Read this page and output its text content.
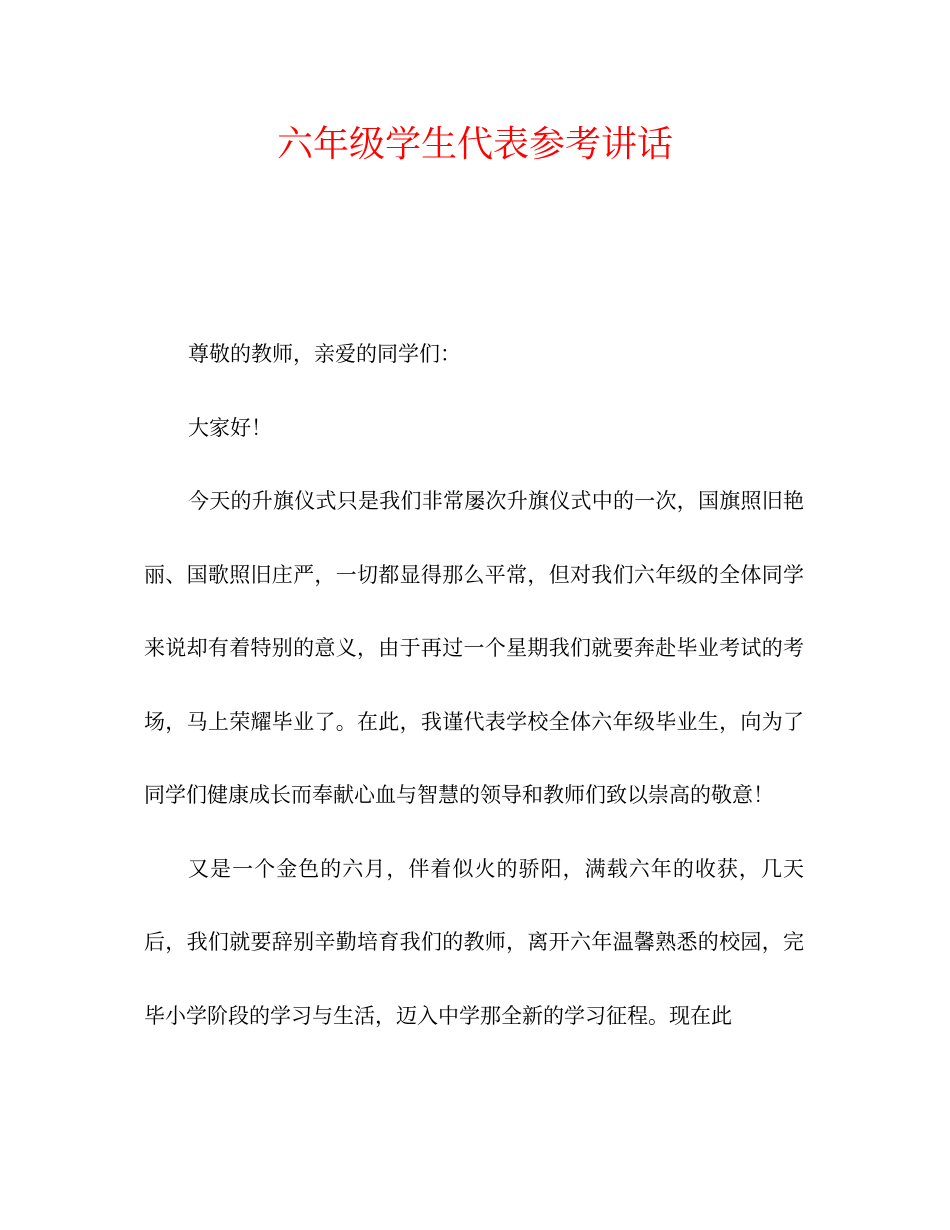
六年级学生代表参考讲话

尊敬的教师，亲爱的同学们：

大家好！

今天的升旗仪式只是我们非常屡次升旗仪式中的一次，国旗照旧艳丽、国歌照旧庄严，一切都显得那么平常，但对我们六年级的全体同学来说却有着特别的意义，由于再过一个星期我们就要奔赴毕业考试的考场，马上荣耀毕业了。在此，我谨代表学校全体六年级毕业生，向为了同学们健康成长而奉献心血与智慧的领导和教师们致以崇高的敬意！

又是一个金色的六月，伴着似火的骄阳，满载六年的收获，几天后，我们就要辞别辛勤培育我们的教师，离开六年温馨熟悉的校园，完毕小学阶段的学习与生活，迈入中学那全新的学习征程。现在此
